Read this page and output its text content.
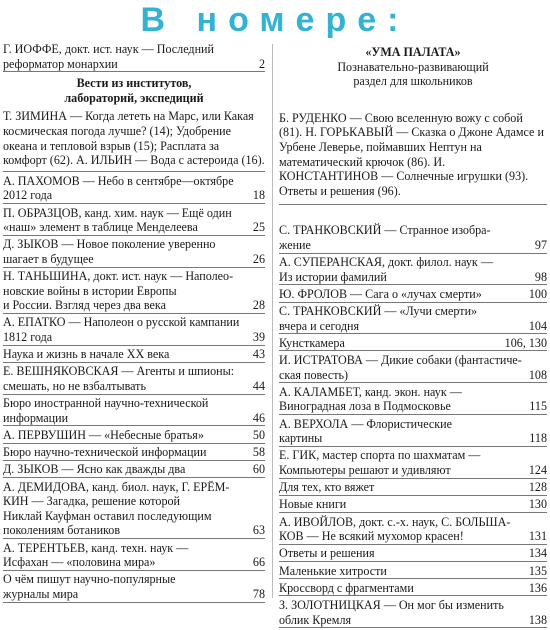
В номере:
Г. ИОФФЕ, докт. ист. наук — Последний
реформатор монархии	2
Вести из институтов,
лабораторий, экспедиций
Т. ЗИМИНА — Когда лететь на Марс, или Какая космическая погода лучше? (14); Удобрение океана и тепловой взрыв (15); Расплата за комфорт (62). А. ИЛЬИН — Вода с астероида (16).
А. ПАХОМОВ — Небо в сентябре—октябре
2012 года	18
П. ОБРАЗЦОВ, канд. хим. наук — Ещё один
«наш» элемент в таблице Менделеева	25
Д. ЗЫКОВ — Новое поколение уверенно
шагает в будущее	26
Н. ТАНЬШИНА, докт. ист. наук — Наполео-
новские войны в истории Европы
и России. Взгляд через два века	28
А. ЕПАТКО — Наполеон о русской кампании
1812 года	39
Наука и жизнь в начале XX века	43
Е. ВЕШНЯКОВСКАЯ — Агенты и шпионы:
смешать, но не взбалтывать	44
Бюро иностранной научно-технической
информации	46
А. ПЕРВУШИН — «Небесные братья»	50
Бюро научно-технической информации	58
Д. ЗЫКОВ — Ясно как дважды два	60
А. ДЕМИДОВА, канд. биол. наук, Г. ЕРЁМ-
КИН — Загадка, решение которой
Никлай Кауфман оставил последующим
поколениям ботаников	63
А. ТЕРЕНТЬЕВ, канд. техн. наук —
Исфахан — «половина мира»	66
О чём пишут научно-популярные
журналы мира	78
«УМА ПАЛАТА»
Познавательно-развивающий
раздел для школьников
Б. РУДЕНКО — Свою вселенную вожу с собой (81). Н. ГОРЬКАВЫЙ — Сказка о Джоне Адамсе и Урбене Леверье, поймавших Нептун на математический крючок (86). И. КОНСТАНТИНОВ — Солнечные игрушки (93). Ответы и решения (96).
С. ТРАНКОВСКИЙ — Странное изобра-
жение	97
А. СУПЕРАНСКАЯ, докт. филол. наук —
Из истории фамилий	98
Ю. ФРОЛОВ — Сага о «лучах смерти»	100
С. ТРАНКОВСКИЙ — «Лучи смерти»
вчера и сегодня	104
Кунсткамера	106, 130
И. ИСТРАТОВА — Дикие собаки (фантастиче-
ская повесть)	108
А. КАЛАМБЕТ, канд. экон. наук —
Виноградная лоза в Подмосковье	115
А. ВЕРХОЛА — Флористические
картины	118
Е. ГИК, мастер спорта по шахматам —
Компьютеры решают и удивляют	124
Для тех, кто вяжет	128
Новые книги	130
А. ИВОЙЛОВ, докт. с.-х. наук, С. БОЛЬША-
КОВ — Не всякий мухомор красен!	131
Ответы и решения	134
Маленькие хитрости	135
Кроссворд с фрагментами	136
З. ЗОЛОТНИЦКАЯ — Он мог бы изменить
облик Кремля	138
